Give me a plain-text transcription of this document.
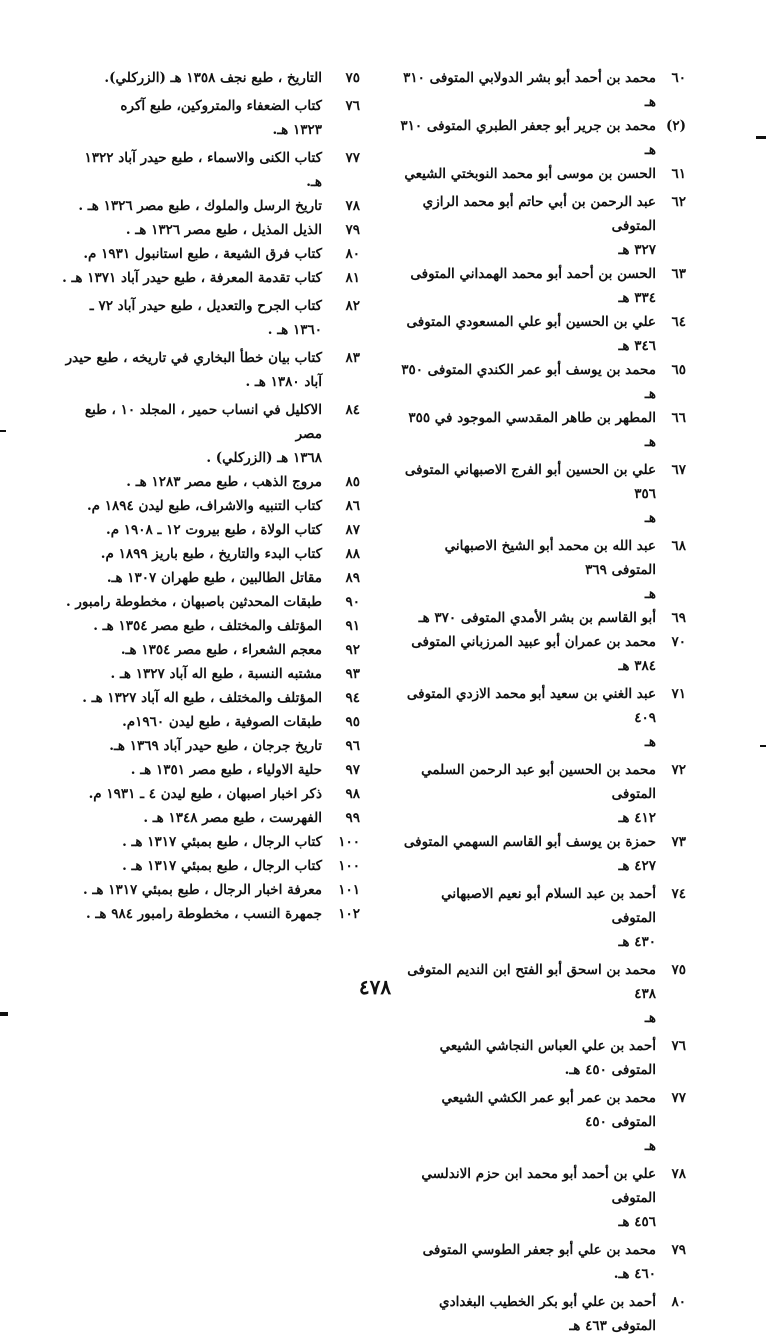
٦٠
محمد بن أحمد أبو بشر الدولابي المتوفى ٣١٠ هـ
(٢)
محمد بن جرير أبو جعفر الطبري المتوفى ٣١٠ هـ
٦١
الحسن بن موسى أبو محمد النوبختي الشيعي
٦٢
عبد الرحمن بن أبي حاتم أبو محمد الرازي المتوفى
٣٢٧ هـ
٦٣
الحسن بن أحمد أبو محمد الهمداني المتوفى ٣٣٤ هـ
٦٤
علي بن الحسين أبو علي المسعودي المتوفى ٣٤٦ هـ
٦٥
محمد بن يوسف أبو عمر الكندي المتوفى ٣٥٠ هـ
٦٦
المطهر بن طاهر المقدسي الموجود في ٣٥٥ هـ
٦٧
علي بن الحسين أبو الفرج الاصبهاني المتوفى ٣٥٦
هـ
٦٨
عبد الله بن محمد أبو الشيخ الاصبهاني المتوفى ٣٦٩
هـ
٦٩
أبو القاسم بن بشر الأمدي المتوفى ٣٧٠ هـ
٧٠
محمد بن عمران أبو عبيد المرزباني المتوفى ٣٨٤ هـ
٧١
عبد الغني بن سعيد أبو محمد الازدي المتوفى ٤٠٩
هـ
٧٢
محمد بن الحسين أبو عبد الرحمن السلمي المتوفى
٤١٢ هـ
٧٣
حمزة بن يوسف أبو القاسم السهمي المتوفى ٤٢٧ هـ
٧٤
أحمد بن عبد السلام أبو نعيم الاصبهاني المتوفى
٤٣٠ هـ
٧٥
محمد بن اسحق أبو الفتح ابن النديم المتوفى ٤٣٨
هـ
٧٦
أحمد بن علي العباس النجاشي الشيعي
المتوفى ٤٥٠ هـ.
٧٧
محمد بن عمر أبو عمر الكشي الشيعي المتوفى ٤٥٠
هـ
٧٨
علي بن أحمد أبو محمد ابن حزم الاندلسي المتوفى
٤٥٦ هـ
٧٩
محمد بن علي أبو جعفر الطوسي المتوفى
٤٦٠ هـ.
٨٠
أحمد بن علي أبو بكر الخطيب البغدادي
المتوفى ٤٦٣ هـ
٧٥
التاريخ ، طبع نجف ١٣٥٨ هـ (الزركلي).
٧٦
كتاب الضعفاء والمتروكين، طبع آكره
١٣٢٣ هـ.
٧٧
كتاب الكنى والاسماء ، طبع حيدر آباد ١٣٢٢
هـ.
٧٨
تاريخ الرسل والملوك ، طبع مصر ١٣٢٦ هـ .
٧٩
الذيل المذيل ، طبع مصر ١٣٢٦ هـ .
٨٠
كتاب فرق الشيعة ، طبع استانبول ١٩٣١ م.
٨١
كتاب تقدمة المعرفة ، طبع حيدر آباد ١٣٧١ هـ .
٨٢
كتاب الجرح والتعديل ، طبع حيدر آباد ٧٢ ـ
١٣٦٠ هـ .
٨٣
كتاب بيان خطأ البخاري في تاريخه ، طبع حيدر
آباد ١٣٨٠ هـ .
٨٤
الاكليل في انساب حمير ، المجلد ١٠ ، طبع مصر
١٣٦٨ هـ (الزركلي) .
٨٥
مروج الذهب ، طبع مصر ١٢٨٣ هـ .
٨٦
كتاب التنبيه والاشراف، طبع ليدن ١٨٩٤ م.
٨٧
كتاب الولاة ، طبع بيروت ١٢ ـ ١٩٠٨ م.
٨٨
كتاب البدء والتاريخ ، طبع باريز ١٨٩٩ م.
٨٩
مقاتل الطالبين ، طبع طهران ١٣٠٧ هـ.
٩٠
طبقات المحدثين باصبهان ، مخطوطة رامبور .
٩١
المؤتلف والمختلف ، طبع مصر ١٣٥٤ هـ .
٩٢
معجم الشعراء ، طبع مصر ١٣٥٤ هـ.
٩٣
مشتبه النسبة ، طبع اله آباد ١٣٢٧ هـ .
٩٤
المؤتلف والمختلف ، طبع اله آباد ١٣٢٧ هـ .
٩٥
طبقات الصوفية ، طبع ليدن ١٩٦٠م.
٩٦
تاريخ جرجان ، طبع حيدر آباد ١٣٦٩ هـ.
٩٧
حلية الاولياء ، طبع مصر ١٣٥١ هـ .
٩٨
ذكر اخبار اصبهان ، طبع ليدن ٤ ـ ١٩٣١ م.
٩٩
الفهرست ، طبع مصر ١٣٤٨ هـ .
١٠٠
كتاب الرجال ، طبع بمبئي ١٣١٧ هـ .
١٠٠
كتاب الرجال ، طبع بمبئي ١٣١٧ هـ .
١٠١
معرفة اخبار الرجال ، طبع بمبئي ١٣١٧ هـ .
١٠٢
جمهرة النسب ، مخطوطة رامبور ٩٨٤ هـ .
٤٧٨
